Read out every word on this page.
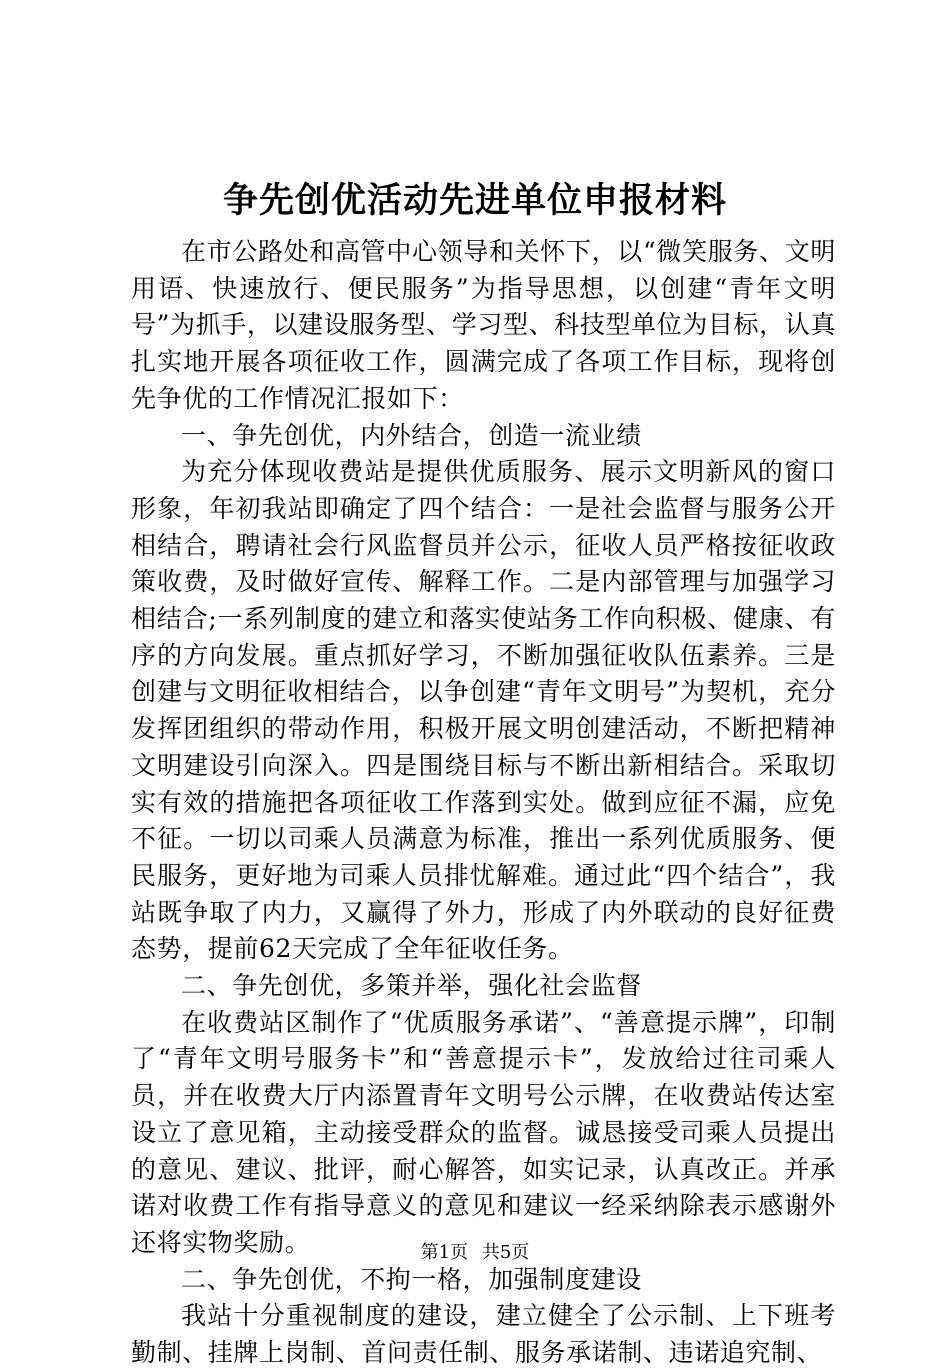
争先创优活动先进单位申报材料

在市公路处和高管中心领导和关怀下，以“微笑服务、文明用语、快速放行、便民服务”为指导思想，以创建“青年文明号”为抓手，以建设服务型、学习型、科技型单位为目标，认真扎实地开展各项征收工作，圆满完成了各项工作目标，现将创先争优的工作情况汇报如下：

一、争先创优，内外结合，创造一流业绩

为充分体现收费站是提供优质服务、展示文明新风的窗口形象，年初我站即确定了四个结合：一是社会监督与服务公开相结合，聘请社会行风监督员并公示，征收人员严格按征收政策收费，及时做好宣传、解释工作。二是内部管理与加强学习相结合;一系列制度的建立和落实使站务工作向积极、健康、有序的方向发展。重点抓好学习，不断加强征收队伍素养。三是创建与文明征收相结合，以争创建“青年文明号”为契机，充分发挥团组织的带动作用，积极开展文明创建活动，不断把精神文明建设引向深入。四是围绕目标与不断出新相结合。采取切实有效的措施把各项征收工作落到实处。做到应征不漏，应免不征。一切以司乘人员满意为标准，推出一系列优质服务、便民服务，更好地为司乘人员排忧解难。通过此“四个结合”，我站既争取了内力，又赢得了外力，形成了内外联动的良好征费态势，提前62天完成了全年征收任务。

二、争先创优，多策并举，强化社会监督

在收费站区制作了“优质服务承诺”、“善意提示牌”，印制了“青年文明号服务卡”和“善意提示卡”，发放给过往司乘人员，并在收费大厅内添置青年文明号公示牌，在收费站传达室设立了意见箱，主动接受群众的监督。诚恳接受司乘人员提出的意见、建议、批评，耐心解答，如实记录，认真改正。并承诺对收费工作有指导意义的意见和建议一经采纳除表示感谢外还将实物奖励。

二、争先创优，不拘一格，加强制度建设

我站十分重视制度的建设，建立健全了公示制、上下班考勤制、挂牌上岗制、首问责任制、服务承诺制、违诺追究制、

第1页 共5页
